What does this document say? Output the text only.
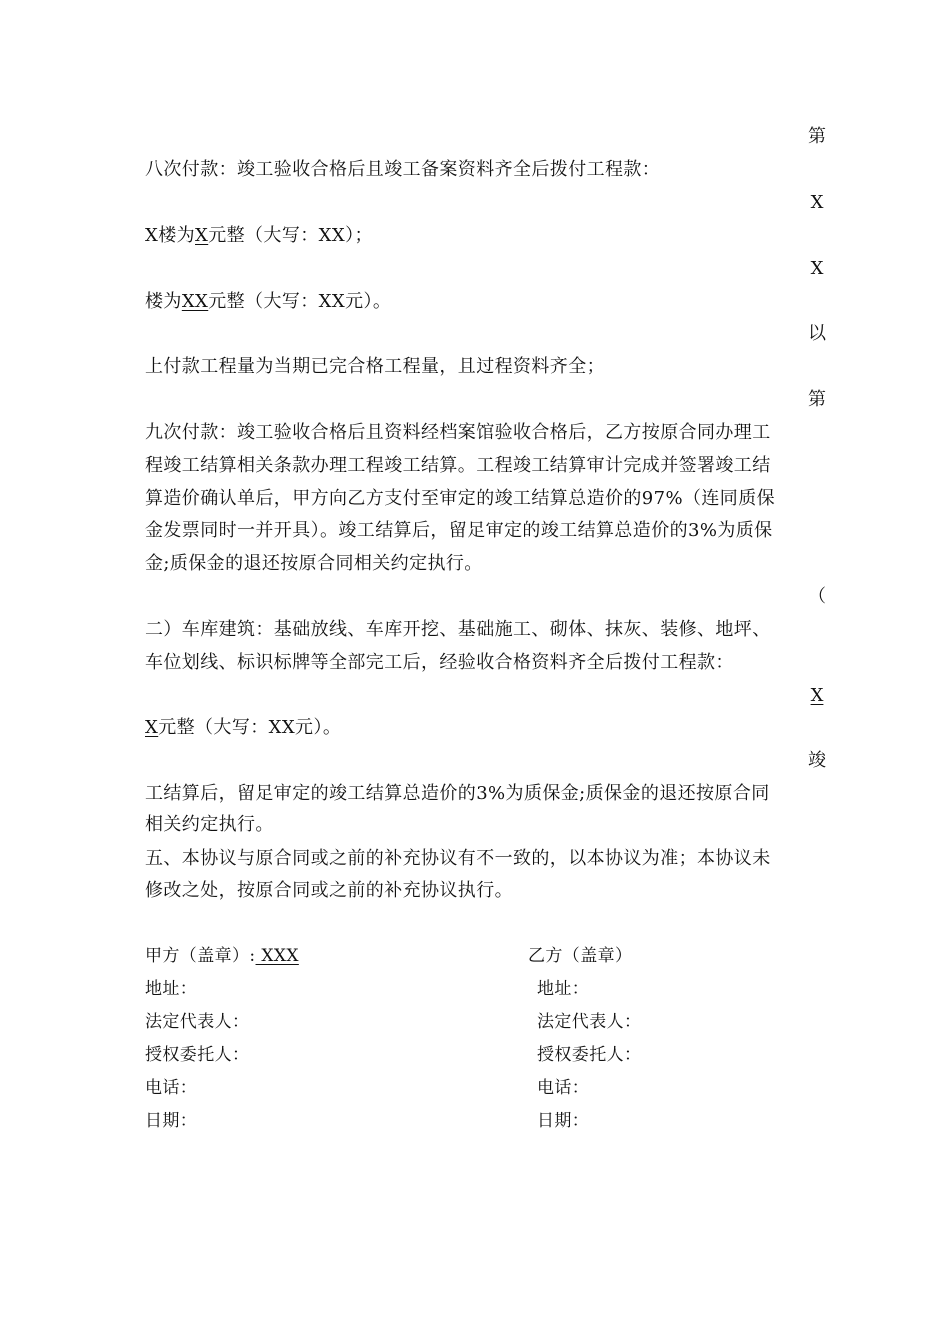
第
八次付款：竣工验收合格后且竣工备案资料齐全后拨付工程款：
X
X楼为X元整（大写：XX）；
X
楼为XX元整（大写：XX元）。
以
上付款工程量为当期已完合格工程量，且过程资料齐全；
第
九次付款：竣工验收合格后且资料经档案馆验收合格后，乙方按原合同办理工
程竣工结算相关条款办理工程竣工结算。工程竣工结算审计完成并签署竣工结
算造价确认单后，甲方向乙方支付至审定的竣工结算总造价的97%（连同质保
金发票同时一并开具）。竣工结算后，留足审定的竣工结算总造价的3%为质保
金;质保金的退还按原合同相关约定执行。
（
二）车库建筑：基础放线、车库开挖、基础施工、砌体、抹灰、装修、地坪、
车位划线、标识标牌等全部完工后，经验收合格资料齐全后拨付工程款：
X
X元整（大写：XX元）。
竣
工结算后，留足审定的竣工结算总造价的3%为质保金;质保金的退还按原合同
相关约定执行。
五、本协议与原合同或之前的补充协议有不一致的，以本协议为准；本协议未
修改之处，按原合同或之前的补充协议执行。
甲方（盖章）: XXX	乙方（盖章）
地址：	地址：
法定代表人：	法定代表人：
授权委托人：	授权委托人：
电话：	电话：
日期：	日期：
